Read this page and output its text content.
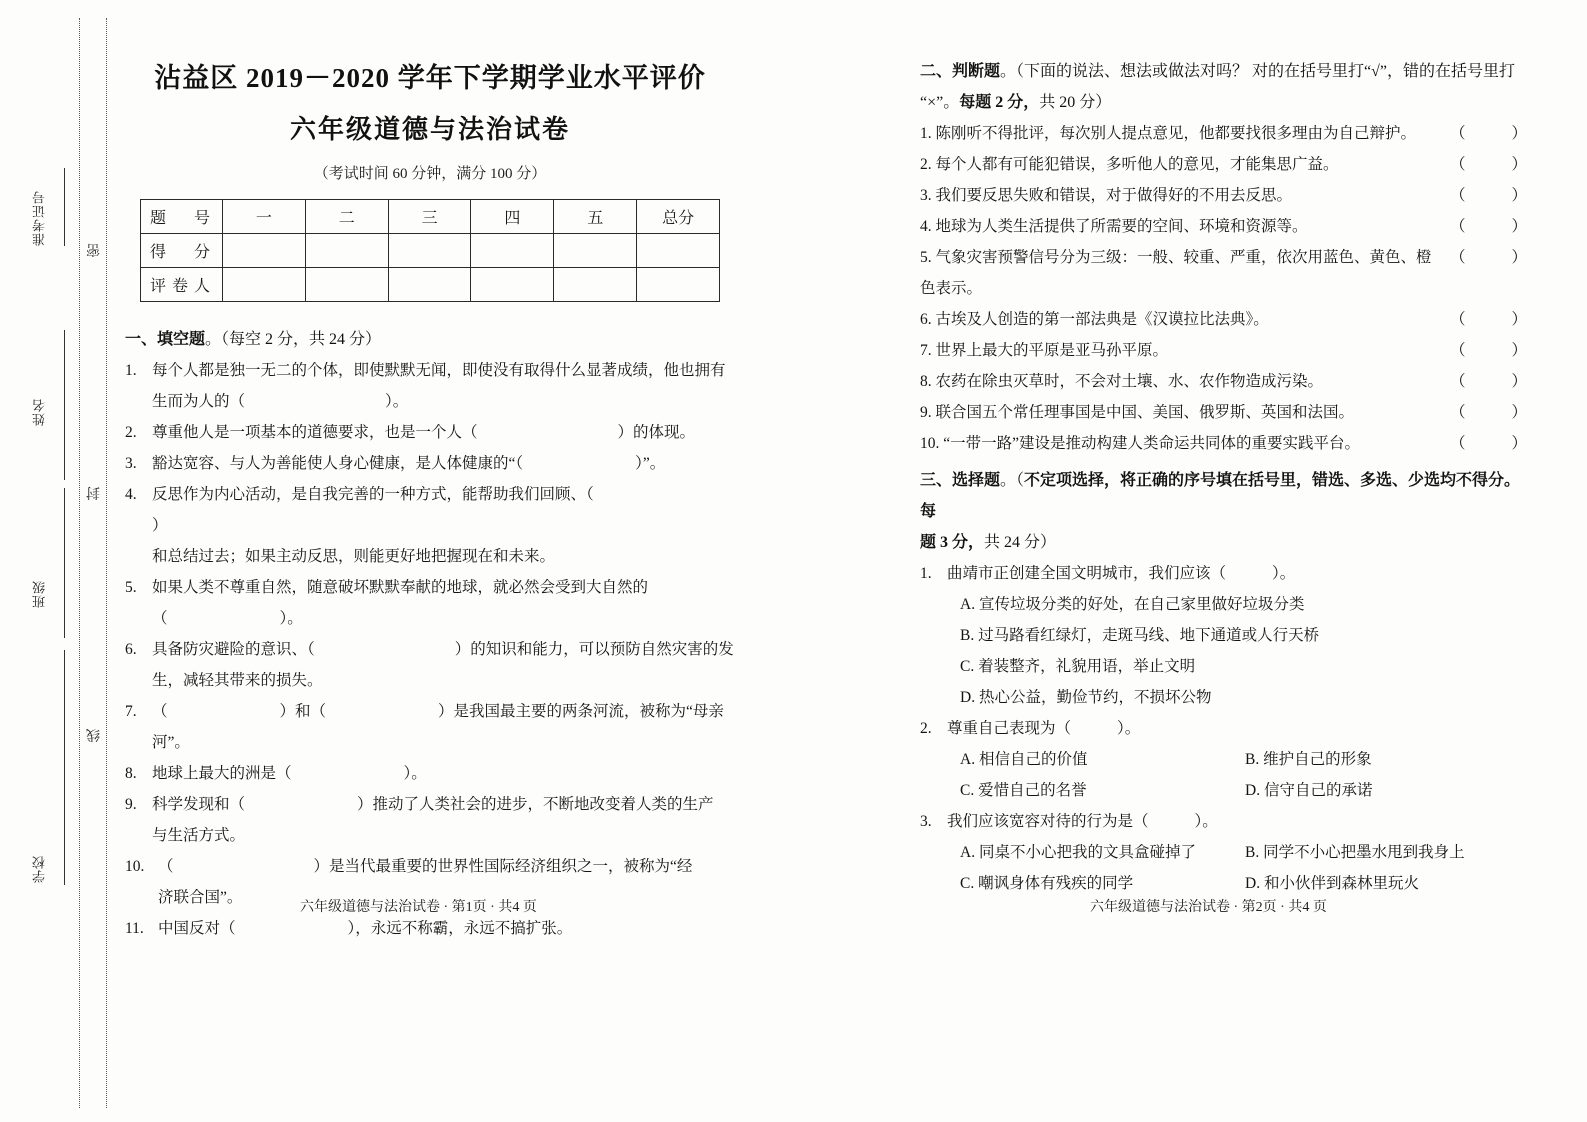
密
封
线
准考证号
姓名
班级
学校
沾益区 2019－2020 学年下学期学业水平评价
六年级道德与法治试卷
（考试时间 60 分钟，满分 100 分）
题　号	一	二	三	四	五	总分
得　分						
评卷人						
一、填空题。（每空 2 分，共 24 分）
1. 每个人都是独一无二的个体，即使默默无闻，即使没有取得什么显著成绩，他也拥有
生而为人的（	）。
2. 尊重他人是一项基本的道德要求，也是一个人（	）的体现。
3. 豁达宽容、与人为善能使人身心健康，是人体健康的“（	）”。
4. 反思作为内心活动，是自我完善的一种方式，能帮助我们回顾、（）
和总结过去；如果主动反思，则能更好地把握现在和未来。
5. 如果人类不尊重自然，随意破坏默默奉献的地球，就必然会受到大自然的
（	）。
6. 具备防灾避险的意识、（	）的知识和能力，可以预防自然灾害的发
生，减轻其带来的损失。
7. （	）和（	）是我国最主要的两条河流，被称为“母亲河”。
8. 地球上最大的洲是（	）。
9. 科学发现和（	）推动了人类社会的进步，不断地改变着人类的生产
与生活方式。
10. （	）是当代最重要的世界性国际经济组织之一，被称为“经
济联合国”。
11. 中国反对（	），永远不称霸，永远不搞扩张。
二、判断题。（下面的说法、想法或做法对吗？ 对的在括号里打“√”，错的在括号里打
“×”。每题 2 分，共 20 分）
1. 陈刚听不得批评，每次别人提点意见，他都要找很多理由为自己辩护。	（	）
2. 每个人都有可能犯错误，多听他人的意见，才能集思广益。	（	）
3. 我们要反思失败和错误，对于做得好的不用去反思。	（	）
4. 地球为人类生活提供了所需要的空间、环境和资源等。	（	）
5. 气象灾害预警信号分为三级：一般、较重、严重，依次用蓝色、黄色、橙色表示。
（	）
6. 古埃及人创造的第一部法典是《汉谟拉比法典》。	（	）
7. 世界上最大的平原是亚马孙平原。	（	）
8. 农药在除虫灭草时，不会对土壤、水、农作物造成污染。	（	）
9. 联合国五个常任理事国是中国、美国、俄罗斯、英国和法国。	（	）
10. “一带一路”建设是推动构建人类命运共同体的重要实践平台。	（	）
三、选择题。（不定项选择，将正确的序号填在括号里，错选、多选、少选均不得分。每
题 3 分，共 24 分）
1. 曲靖市正创建全国文明城市，我们应该（	）。
A. 宣传垃圾分类的好处，在自己家里做好垃圾分类
B. 过马路看红绿灯，走斑马线、地下通道或人行天桥
C. 着装整齐，礼貌用语，举止文明
D. 热心公益，勤俭节约，不损坏公物
2. 尊重自己表现为（	）。
A. 相信自己的价值	B. 维护自己的形象
C. 爱惜自己的名誉	D. 信守自己的承诺
3. 我们应该宽容对待的行为是（	）。
A. 同桌不小心把我的文具盒碰掉了	B. 同学不小心把墨水甩到我身上
C. 嘲讽身体有残疾的同学	D. 和小伙伴到森林里玩火
六年级道德与法治试卷 · 第1页 · 共4 页	六年级道德与法治试卷 · 第2页 · 共4 页
